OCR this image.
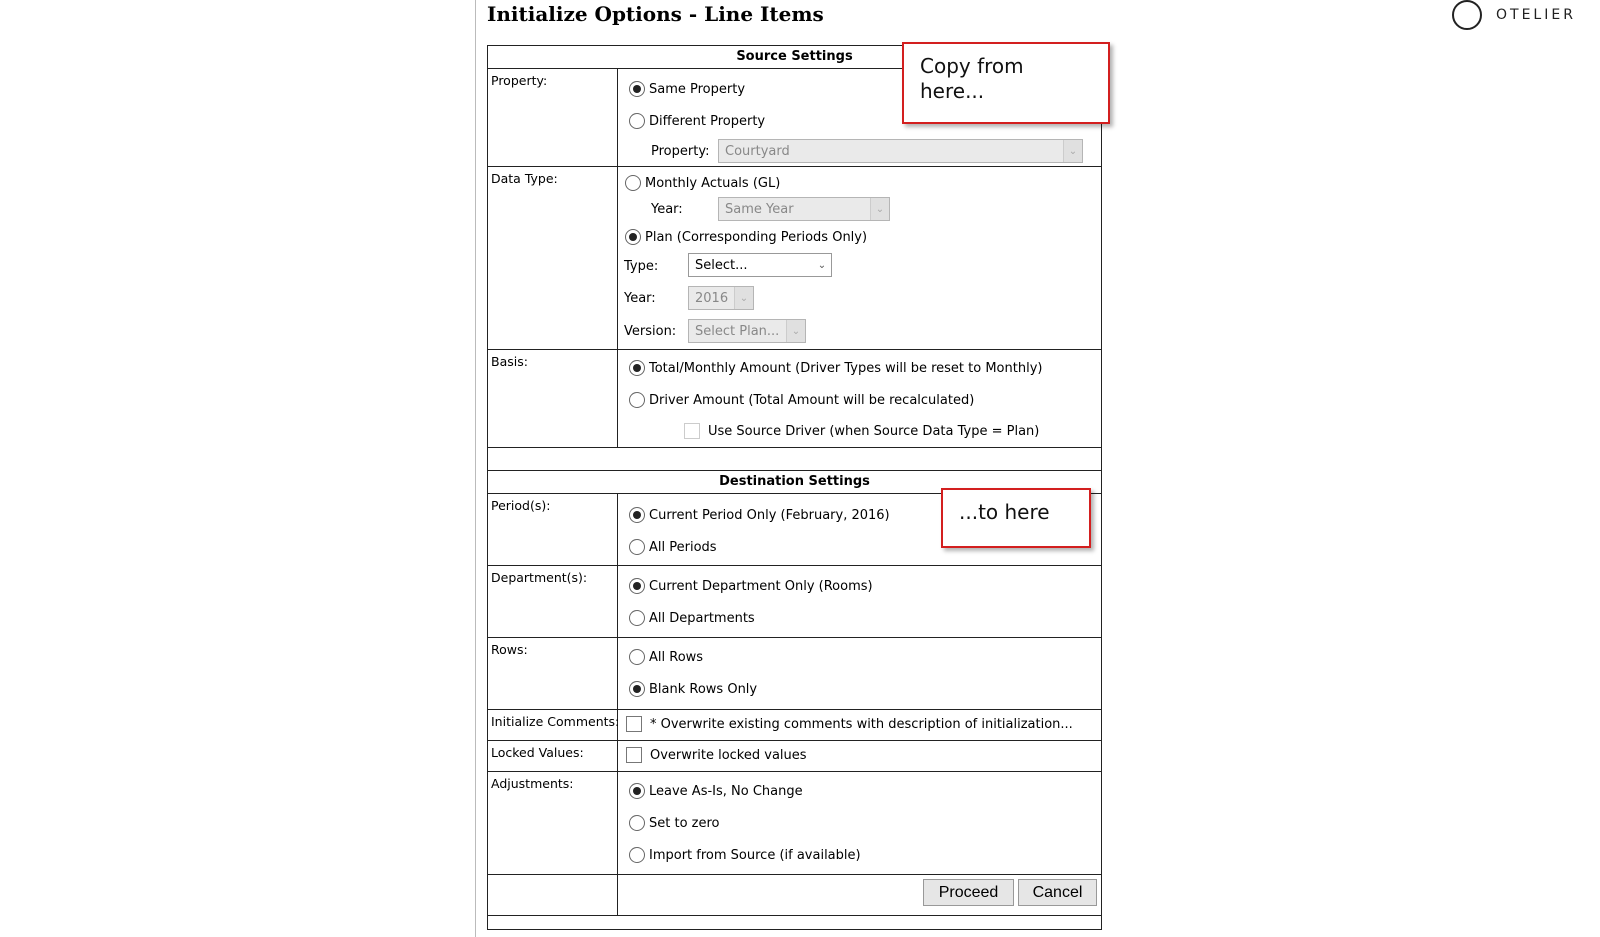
Initialize Options - Line Items	OTELIER
Source Settings
Property:
Same Property
Different Property
Property: Courtyard	⌄
Data Type:	Monthly Actuals (GL)
Year:	Same Year	⌄
Plan (Corresponding Periods Only)
Type:	Select...	⌄
Year:	2016	⌄
Version: Select Plan...	⌄
Basis:	Total/Monthly Amount (Driver Types will be reset to Monthly)
Driver Amount (Total Amount will be recalculated)
Use Source Driver (when Source Data Type = Plan)
Destination Settings
Period(s):
Current Period Only (February, 2016)
All Periods
Department(s):
Current Department Only (Rooms)
All Departments
Rows:	All Rows
Blank Rows Only
Initialize Comments: * Overwrite existing comments with description of initialization...
Locked Values:	Overwrite locked values
Adjustments:	Leave As-Is, No Change
Set to zero
Import from Source (if available)
Proceed	Cancel
Copy from here...
...to here
